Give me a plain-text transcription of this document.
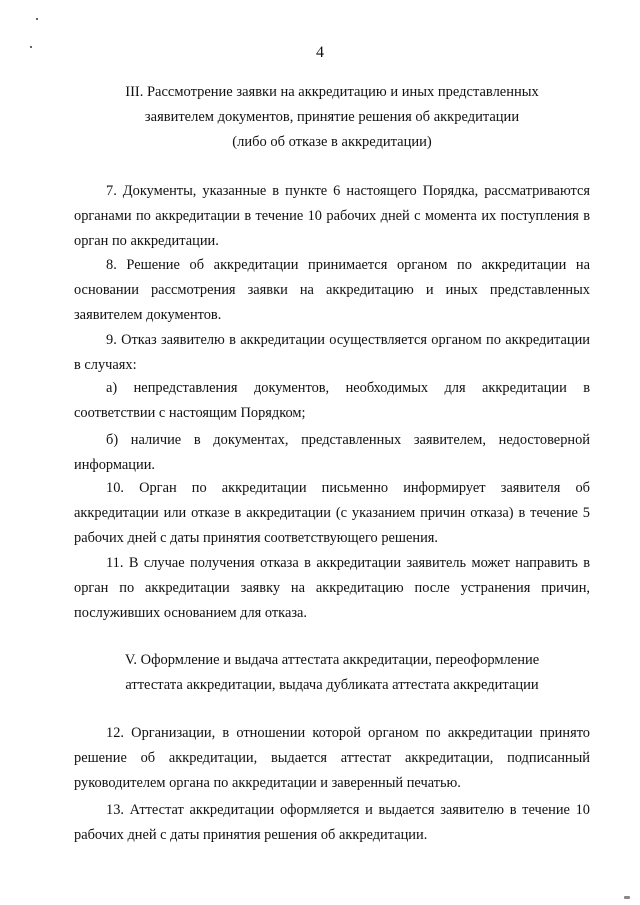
4
III. Рассмотрение заявки на аккредитацию и иных представленных
заявителем документов, принятие решения об аккредитации
(либо об отказе в аккредитации)

7. Документы, указанные в пункте 6 настоящего Порядка, рассматриваются органами по аккредитации в течение 10 рабочих дней с момента их поступления в орган по аккредитации.

8. Решение об аккредитации принимается органом по аккредитации на основании рассмотрения заявки на аккредитацию и иных представленных заявителем документов.

9. Отказ заявителю в аккредитации осуществляется органом по аккредитации в случаях:

а) непредставления документов, необходимых для аккредитации в соответствии с настоящим Порядком;

б) наличие в документах, представленных заявителем, недостоверной информации.

10. Орган по аккредитации письменно информирует заявителя об аккредитации или отказе в аккредитации (с указанием причин отказа) в течение 5 рабочих дней с даты принятия соответствующего решения.

11. В случае получения отказа в аккредитации заявитель может направить в орган по аккредитации заявку на аккредитацию после устранения причин, послуживших основанием для отказа.

V. Оформление и выдача аттестата аккредитации, переоформление
аттестата аккредитации, выдача дубликата аттестата аккредитации

12. Организации, в отношении которой органом по аккредитации принято решение об аккредитации, выдается аттестат аккредитации, подписанный руководителем органа по аккредитации и заверенный печатью.

13. Аттестат аккредитации оформляется и выдается заявителю в течение 10 рабочих дней с даты принятия решения об аккредитации.
